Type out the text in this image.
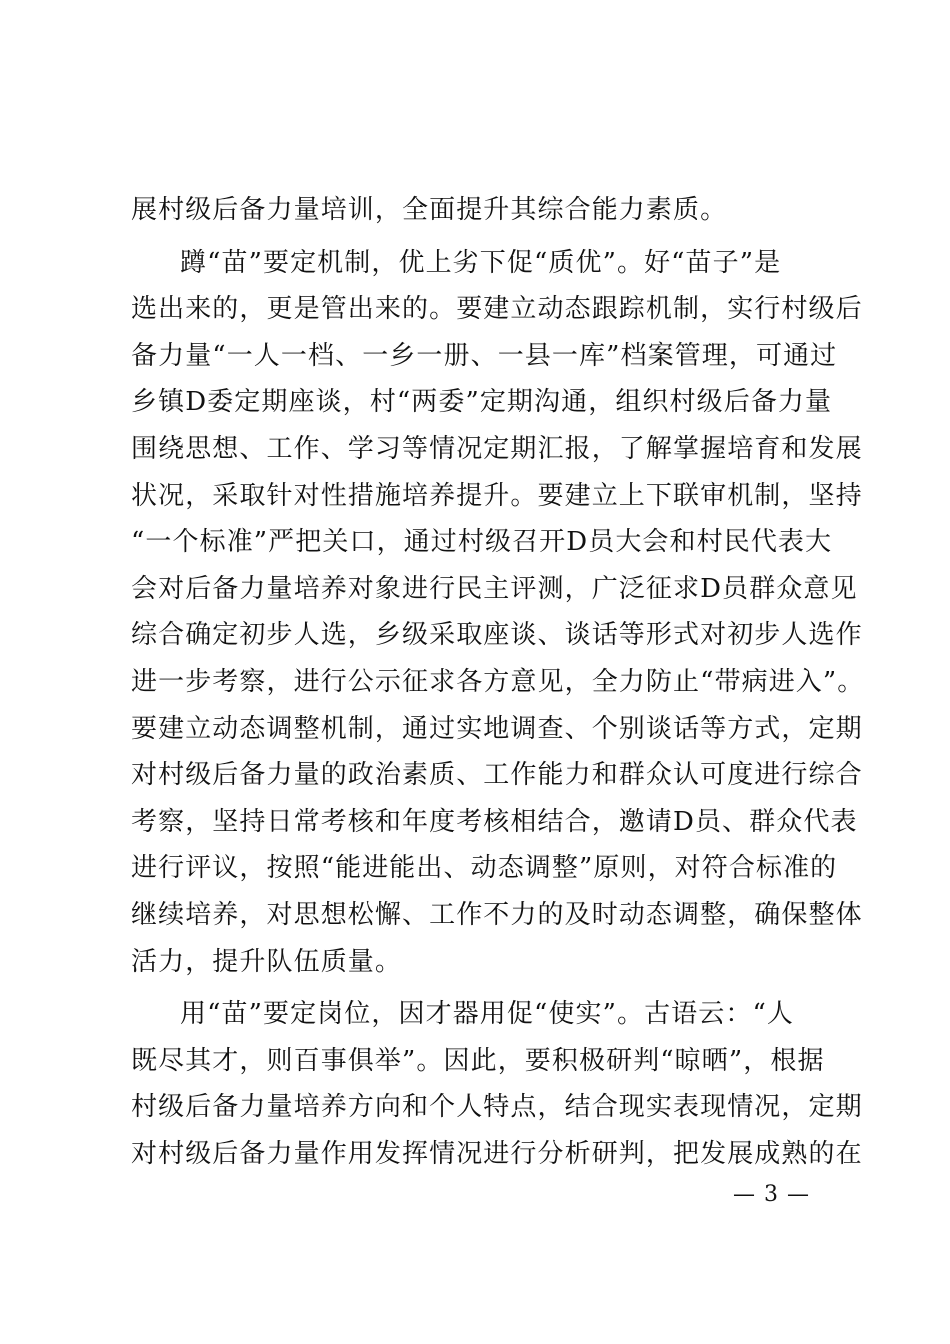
展村级后备力量培训，全面提升其综合能力素质。
蹲“苗”要定机制，优上劣下促“质优”。好“苗子”是
选出来的，更是管出来的。要建立动态跟踪机制，实行村级后
备力量“一人一档、一乡一册、一县一库”档案管理，可通过
乡镇D委定期座谈，村“两委”定期沟通，组织村级后备力量
围绕思想、工作、学习等情况定期汇报，了解掌握培育和发展
状况，采取针对性措施培养提升。要建立上下联审机制，坚持
“一个标准”严把关口，通过村级召开D员大会和村民代表大
会对后备力量培养对象进行民主评测，广泛征求D员群众意见
综合确定初步人选，乡级采取座谈、谈话等形式对初步人选作
进一步考察，进行公示征求各方意见，全力防止“带病进入”。
要建立动态调整机制，通过实地调查、个别谈话等方式，定期
对村级后备力量的政治素质、工作能力和群众认可度进行综合
考察，坚持日常考核和年度考核相结合，邀请D员、群众代表
进行评议，按照“能进能出、动态调整”原则，对符合标准的
继续培养，对思想松懈、工作不力的及时动态调整，确保整体
活力，提升队伍质量。
用“苗”要定岗位，因才器用促“使实”。古语云：“人
既尽其才，则百事俱举”。因此，要积极研判“晾晒”，根据
村级后备力量培养方向和个人特点，结合现实表现情况，定期
对村级后备力量作用发挥情况进行分析研判，把发展成熟的在
— 3 —
